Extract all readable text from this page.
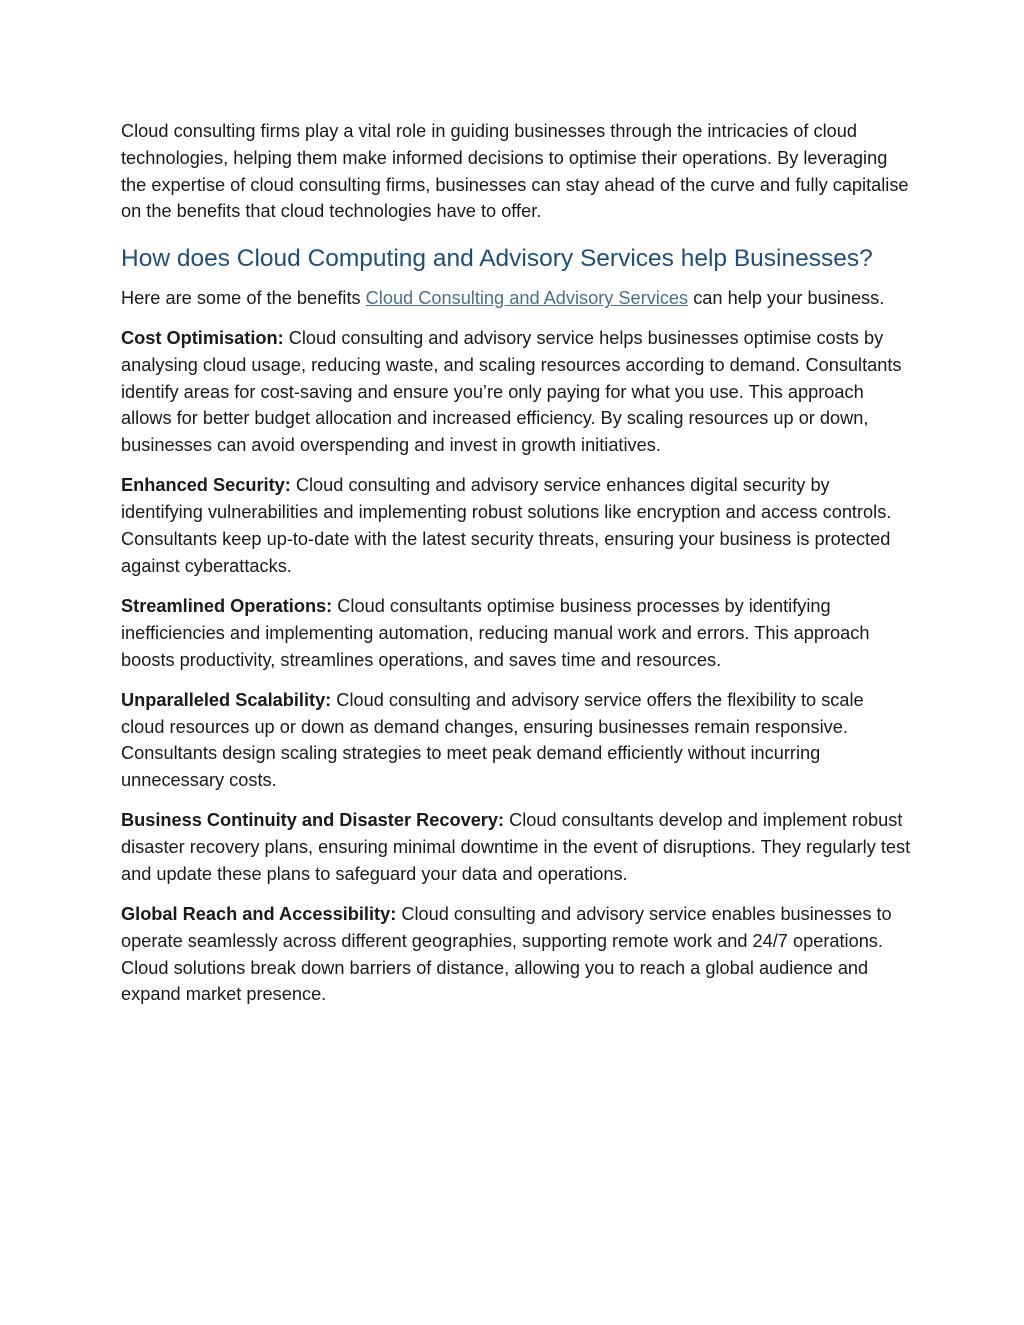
Cloud consulting firms play a vital role in guiding businesses through the intricacies of cloud technologies, helping them make informed decisions to optimise their operations. By leveraging the expertise of cloud consulting firms, businesses can stay ahead of the curve and fully capitalise on the benefits that cloud technologies have to offer.

How does Cloud Computing and Advisory Services help Businesses?

Here are some of the benefits Cloud Consulting and Advisory Services can help your business.

Cost Optimisation: Cloud consulting and advisory service helps businesses optimise costs by analysing cloud usage, reducing waste, and scaling resources according to demand. Consultants identify areas for cost-saving and ensure you’re only paying for what you use. This approach allows for better budget allocation and increased efficiency. By scaling resources up or down, businesses can avoid overspending and invest in growth initiatives.

Enhanced Security: Cloud consulting and advisory service enhances digital security by identifying vulnerabilities and implementing robust solutions like encryption and access controls. Consultants keep up-to-date with the latest security threats, ensuring your business is protected against cyberattacks.

Streamlined Operations: Cloud consultants optimise business processes by identifying inefficiencies and implementing automation, reducing manual work and errors. This approach boosts productivity, streamlines operations, and saves time and resources.

Unparalleled Scalability: Cloud consulting and advisory service offers the flexibility to scale cloud resources up or down as demand changes, ensuring businesses remain responsive. Consultants design scaling strategies to meet peak demand efficiently without incurring unnecessary costs.

Business Continuity and Disaster Recovery: Cloud consultants develop and implement robust disaster recovery plans, ensuring minimal downtime in the event of disruptions. They regularly test and update these plans to safeguard your data and operations.

Global Reach and Accessibility: Cloud consulting and advisory service enables businesses to operate seamlessly across different geographies, supporting remote work and 24/7 operations. Cloud solutions break down barriers of distance, allowing you to reach a global audience and expand market presence.
